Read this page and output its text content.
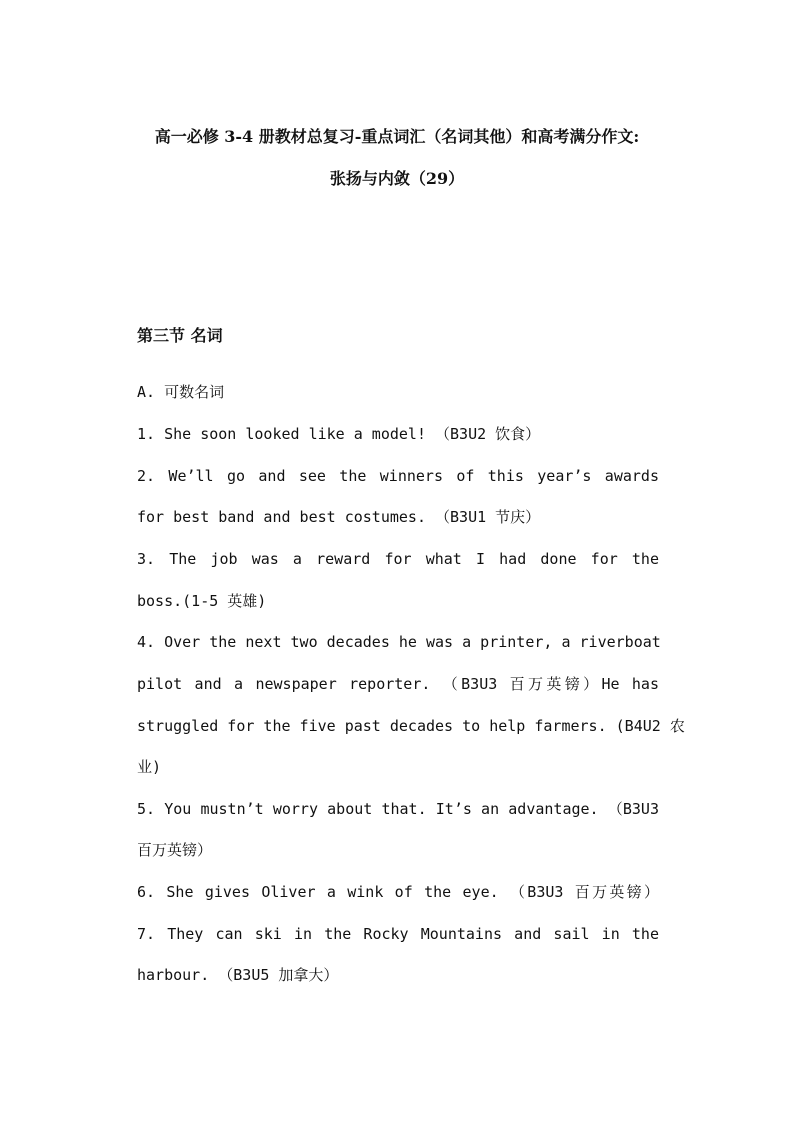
高一必修 3-4 册教材总复习-重点词汇（名词其他）和高考满分作文:
张扬与内敛（29）
第三节 名词
A. 可数名词
1. She soon looked like a model! （B3U2 饮食）
2. We’ll go and see the winners of this year’s awards
for best band and best costumes. （B3U1 节庆）
3. The job was a reward for what I had done for the
boss.(1-5 英雄)
4. Over the next two decades he was a printer, a riverboat
pilot and a newspaper reporter. （B3U3 百万英镑）He has
struggled for the five past decades to help farmers. (B4U2 农
业)
5. You mustn’t worry about that. It’s an advantage. （B3U3
百万英镑）
6. She gives Oliver a wink of the eye. （B3U3 百万英镑）
7. They can ski in the Rocky Mountains and sail in the
harbour. （B3U5 加拿大）
